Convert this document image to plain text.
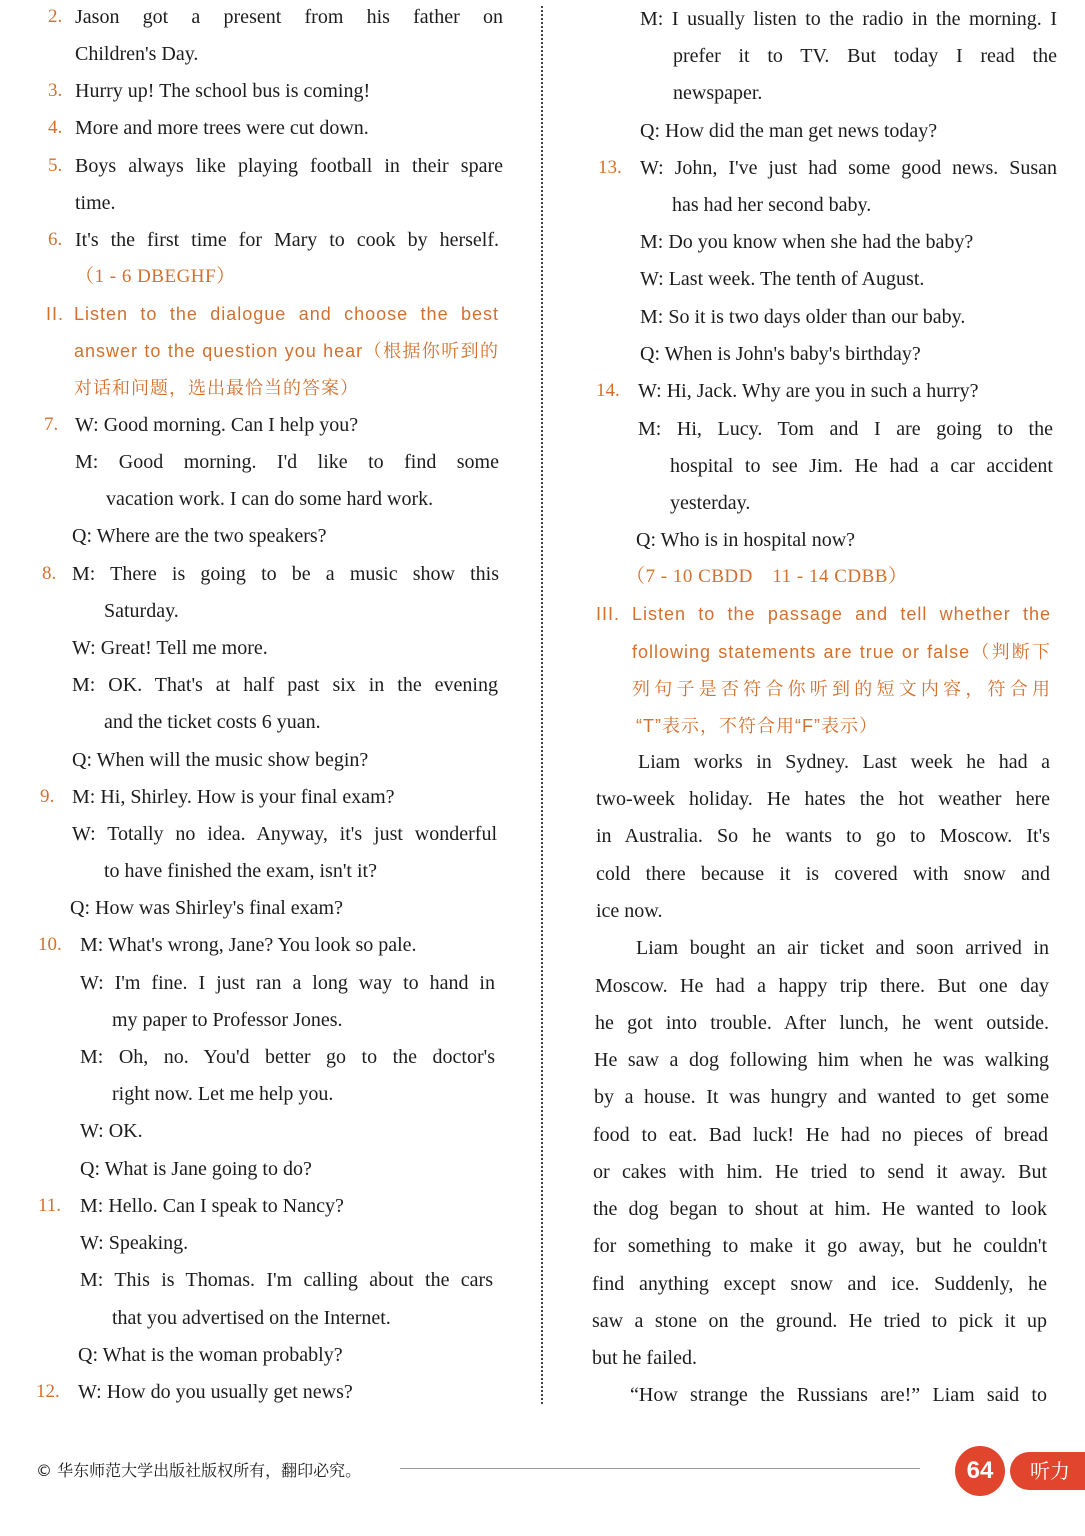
2. Jason got a present from his father on
Children's Day.
3. Hurry up! The school bus is coming!
4. More and more trees were cut down.
5. Boys always like playing football in their spare
time.
6. It's the first time for Mary to cook by herself.
（1 - 6 DBEGHF）
II. Listen to the dialogue and choose the best
answer to the question you hear（根据你听到的
对话和问题，选出最恰当的答案）
7. W: Good morning. Can I help you?
M: Good morning. I'd like to find some
vacation work. I can do some hard work.
Q: Where are the two speakers?
8. M: There is going to be a music show this
Saturday.
W: Great! Tell me more.
M: OK. That's at half past six in the evening
and the ticket costs 6 yuan.
Q: When will the music show begin?
9. M: Hi, Shirley. How is your final exam?
W: Totally no idea. Anyway, it's just wonderful
to have finished the exam, isn't it?
Q: How was Shirley's final exam?
10. M: What's wrong, Jane? You look so pale.
W: I'm fine. I just ran a long way to hand in
my paper to Professor Jones.
M: Oh, no. You'd better go to the doctor's
right now. Let me help you.
W: OK.
Q: What is Jane going to do?
11. M: Hello. Can I speak to Nancy?
W: Speaking.
M: This is Thomas. I'm calling about the cars
that you advertised on the Internet.
Q: What is the woman probably?
12. W: How do you usually get news?
M: I usually listen to the radio in the morning. I
prefer it to TV. But today I read the
newspaper.
Q: How did the man get news today?
13. W: John, I've just had some good news. Susan
has had her second baby.
M: Do you know when she had the baby?
W: Last week. The tenth of August.
M: So it is two days older than our baby.
Q: When is John's baby's birthday?
14. W: Hi, Jack. Why are you in such a hurry?
M: Hi, Lucy. Tom and I are going to the
hospital to see Jim. He had a car accident
yesterday.
Q: Who is in hospital now?
（7 - 10 CBDD　11 - 14 CDBB）
III. Listen to the passage and tell whether the
following statements are true or false（判断下
列句子是否符合你听到的短文内容，符合用
“T”表示，不符合用“F”表示）
Liam works in Sydney. Last week he had a
two-week holiday. He hates the hot weather here
in Australia. So he wants to go to Moscow. It's
cold there because it is covered with snow and
ice now.
Liam bought an air ticket and soon arrived in
Moscow. He had a happy trip there. But one day
he got into trouble. After lunch, he went outside.
He saw a dog following him when he was walking
by a house. It was hungry and wanted to get some
food to eat. Bad luck! He had no pieces of bread
or cakes with him. He tried to send it away. But
the dog began to shout at him. He wanted to look
for something to make it go away, but he couldn't
find anything except snow and ice. Suddenly, he
saw a stone on the ground. He tried to pick it up
but he failed.
“How strange the Russians are!” Liam said to
© 华东师范大学出版社版权所有，翻印必究。	64	听力
